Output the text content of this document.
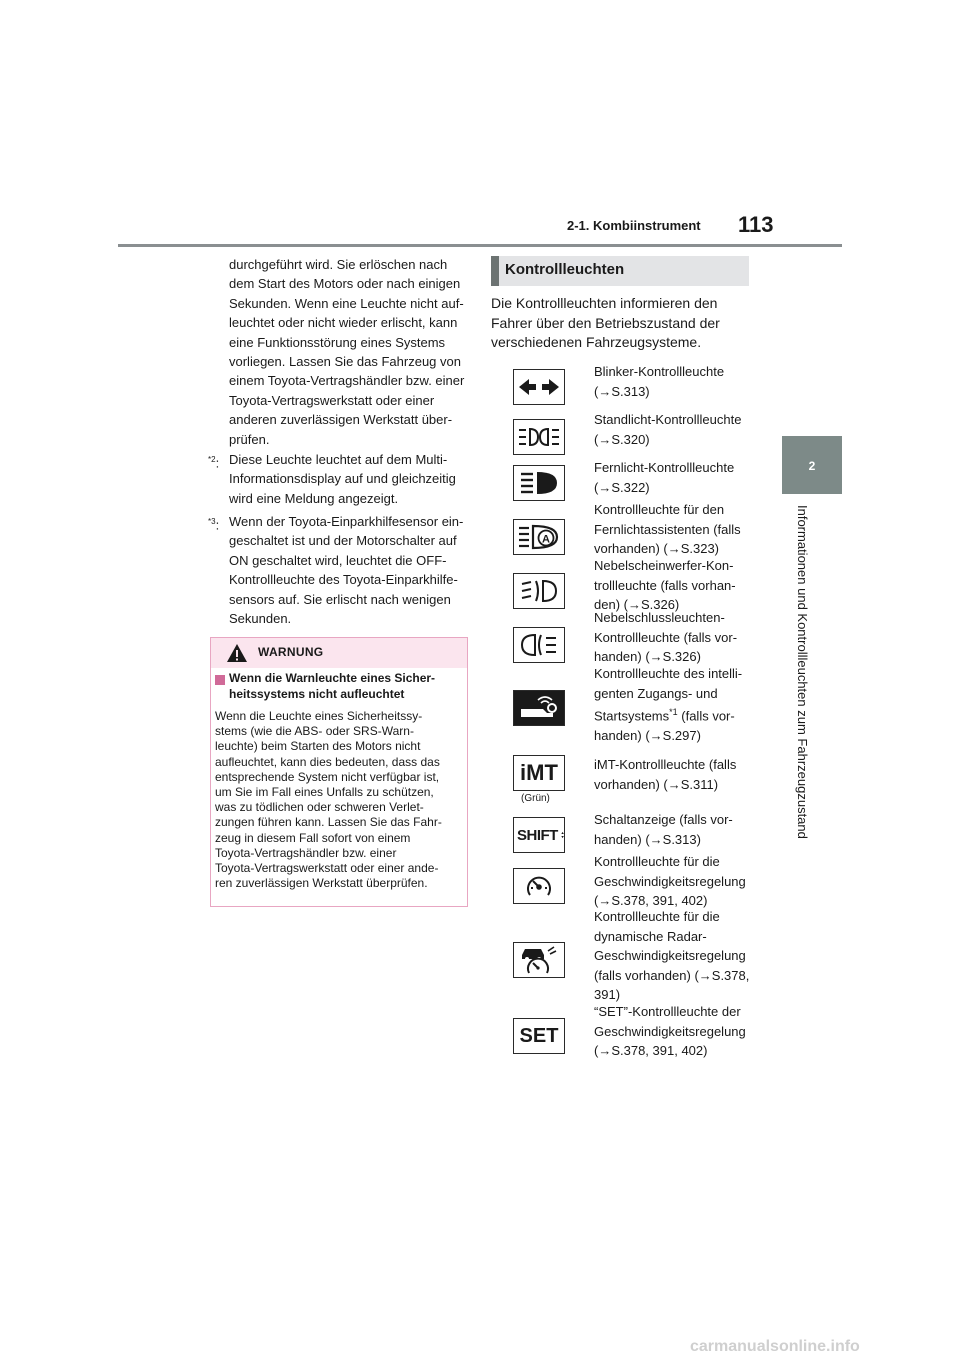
2-1. Kombiinstrument 113
2
Informationen und Kontrollleuchten zum Fahrzeugzustand
durchgeführt wird. Sie erlöschen nach
dem Start des Motors oder nach einigen
Sekunden. Wenn eine Leuchte nicht auf-
leuchtet oder nicht wieder erlischt, kann
eine Funktionsstörung eines Systems
vorliegen. Lassen Sie das Fahrzeug von
einem Toyota-Vertragshändler bzw. einer
Toyota-Vertragswerkstatt oder einer
anderen zuverlässigen Werkstatt über-
prüfen.
$^{*2}$: Diese Leuchte leuchtet auf dem Multi-
Informationsdisplay auf und gleichzeitig
wird eine Meldung angezeigt.
$^{*3}$: Wenn der Toyota-Einparkhilfesensor ein-
geschaltet ist und der Motorschalter auf
ON geschaltet wird, leuchtet die OFF-
Kontrollleuchte des Toyota-Einparkhilfe-
sensors auf. Sie erlischt nach wenigen
Sekunden.
WARNUNG
Wenn die Warnleuchte eines Sicher-
heitssystems nicht aufleuchtet
Wenn die Leuchte eines Sicherheitssy-
stems (wie die ABS- oder SRS-Warn-
leuchte) beim Starten des Motors nicht
aufleuchtet, kann dies bedeuten, dass das
entsprechende System nicht verfügbar ist,
um Sie im Fall eines Unfalls zu schützen,
was zu tödlichen oder schweren Verlet-
zungen führen kann. Lassen Sie das Fahr-
zeug in diesem Fall sofort von einem
Toyota-Vertragshändler bzw. einer
Toyota-Vertragswerkstatt oder einer ande-
ren zuverlässigen Werkstatt überprüfen.
Kontrollleuchten
Die Kontrollleuchten informieren den
Fahrer über den Betriebszustand der
verschiedenen Fahrzeugsysteme.
Blinker-Kontrollleuchte
(→S.313)
Standlicht-Kontrollleuchte
(→S.320)
Fernlicht-Kontrollleuchte
(→S.322)
A
Kontrollleuchte für den
Fernlichtassistenten (falls
vorhanden) (→S.323)
Nebelscheinwerfer-Kon-
trollleuchte (falls vorhan-
den) (→S.326)
Nebelschlussleuchten-
Kontrollleuchte (falls vor-
handen) (→S.326)
Kontrollleuchte des intelli-
genten Zugangs- und
Startsystems$^{*1}$ (falls vor-
handen) (→S.297)
iMT
(Grün)
iMT-Kontrollleuchte (falls
vorhanden) (→S.311)
SHIFT
Schaltanzeige (falls vor-
handen) (→S.313)
Kontrollleuchte für die
Geschwindigkeitsregelung
(→S.378, 391, 402)
Kontrollleuchte für die
dynamische Radar-
Geschwindigkeitsregelung
(falls vorhanden) (→S.378,
391)
SET
“SET”-Kontrollleuchte der
Geschwindigkeitsregelung
(→S.378, 391, 402)
carmanualsonline.info
